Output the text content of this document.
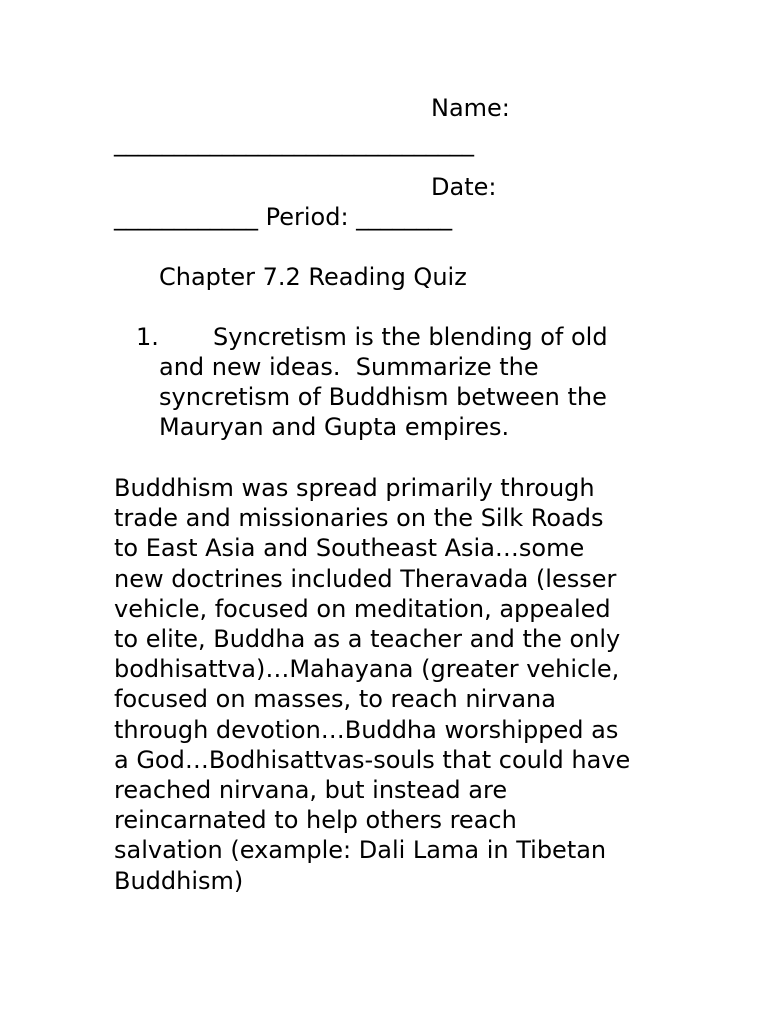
Name:

______________________________

Date:

____________ Period: ________

Chapter 7.2 Reading Quiz

1. Syncretism is the blending of old

and new ideas.  Summarize the

syncretism of Buddhism between the

Mauryan and Gupta empires.

Buddhism was spread primarily through
trade and missionaries on the Silk Roads
to East Asia and Southeast Asia…some
new doctrines included Theravada (lesser
vehicle, focused on meditation, appealed
to elite, Buddha as a teacher and the only
bodhisattva)…Mahayana (greater vehicle,
focused on masses, to reach nirvana
through devotion…Buddha worshipped as
a God…Bodhisattvas-souls that could have
reached nirvana, but instead are
reincarnated to help others reach
salvation (example: Dali Lama in Tibetan
Buddhism)
